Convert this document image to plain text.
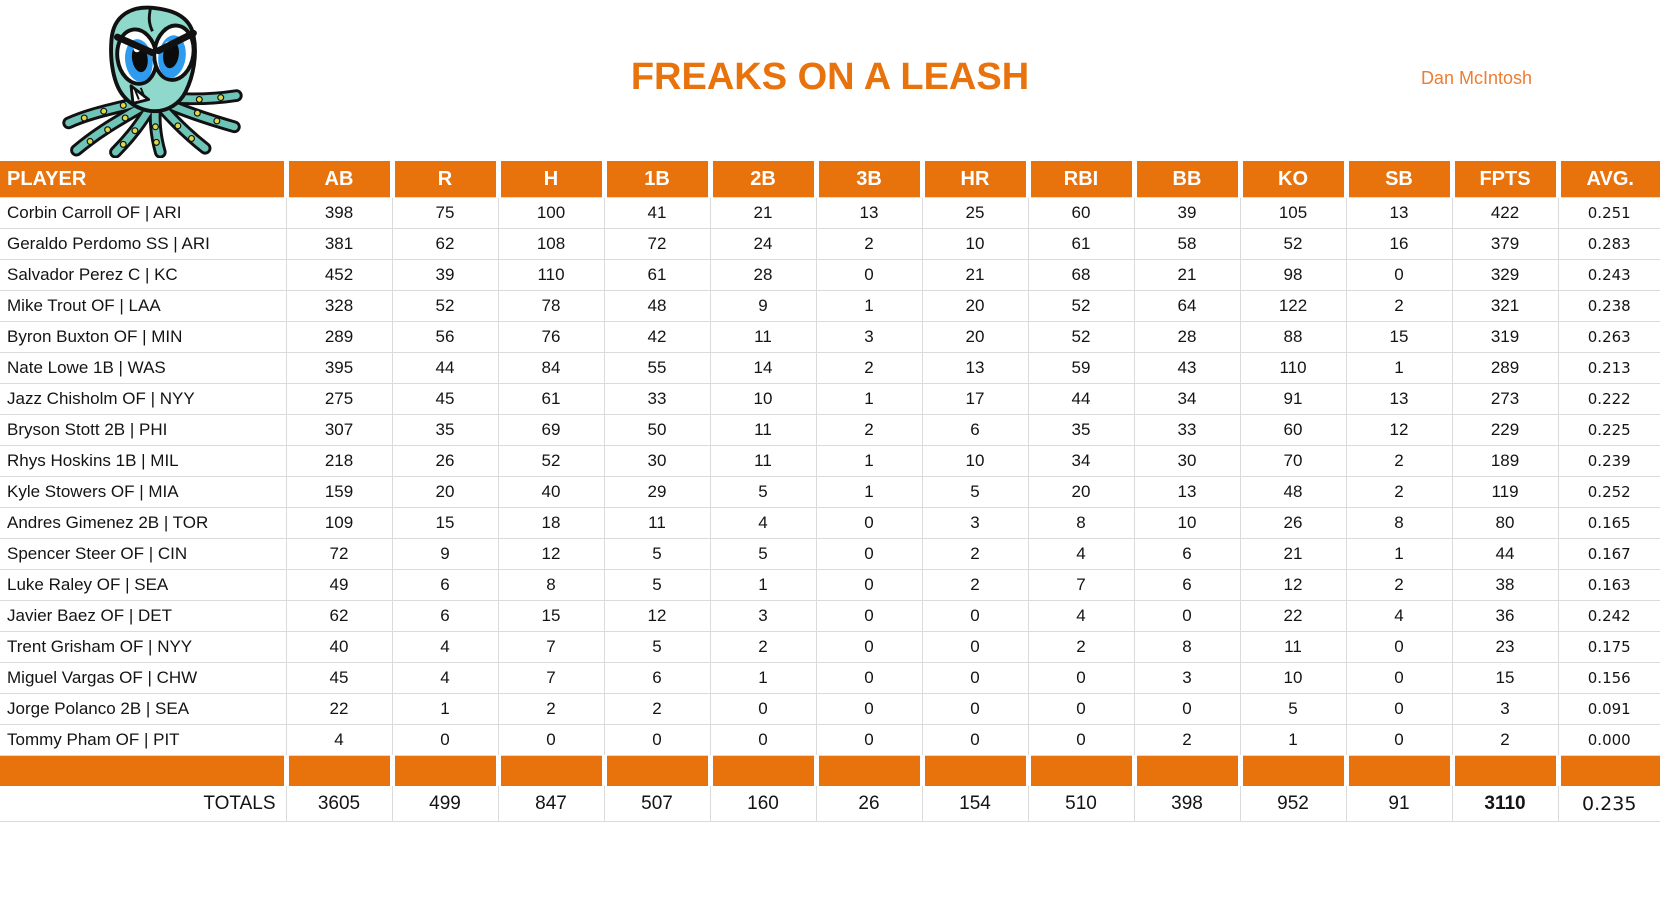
FREAKS ON A LEASH	Dan McIntosh
PLAYER	AB	R	H	1B	2B	3B	HR	RBI	BB	KO	SB	FPTS	AVG.
Corbin Carroll OF | ARI	398	75	100	41	21	13	25	60	39	105	13	422	0.251
Geraldo Perdomo SS | ARI	381	62	108	72	24	2	10	61	58	52	16	379	0.283
Salvador Perez C | KC	452	39	110	61	28	0	21	68	21	98	0	329	0.243
Mike Trout OF | LAA	328	52	78	48	9	1	20	52	64	122	2	321	0.238
Byron Buxton OF | MIN	289	56	76	42	11	3	20	52	28	88	15	319	0.263
Nate Lowe 1B | WAS	395	44	84	55	14	2	13	59	43	110	1	289	0.213
Jazz Chisholm OF | NYY	275	45	61	33	10	1	17	44	34	91	13	273	0.222
Bryson Stott 2B | PHI	307	35	69	50	11	2	6	35	33	60	12	229	0.225
Rhys Hoskins 1B | MIL	218	26	52	30	11	1	10	34	30	70	2	189	0.239
Kyle Stowers OF | MIA	159	20	40	29	5	1	5	20	13	48	2	119	0.252
Andres Gimenez 2B | TOR	109	15	18	11	4	0	3	8	10	26	8	80	0.165
Spencer Steer OF | CIN	72	9	12	5	5	0	2	4	6	21	1	44	0.167
Luke Raley OF | SEA	49	6	8	5	1	0	2	7	6	12	2	38	0.163
Javier Baez OF | DET	62	6	15	12	3	0	0	4	0	22	4	36	0.242
Trent Grisham OF | NYY	40	4	7	5	2	0	0	2	8	11	0	23	0.175
Miguel Vargas OF | CHW	45	4	7	6	1	0	0	0	3	10	0	15	0.156
Jorge Polanco 2B | SEA	22	1	2	2	0	0	0	0	0	5	0	3	0.091
Tommy Pham OF | PIT	4	0	0	0	0	0	0	0	2	1	0	2	0.000

TOTALS	3605	499	847	507	160	26	154	510	398	952	91	3110	0.235
